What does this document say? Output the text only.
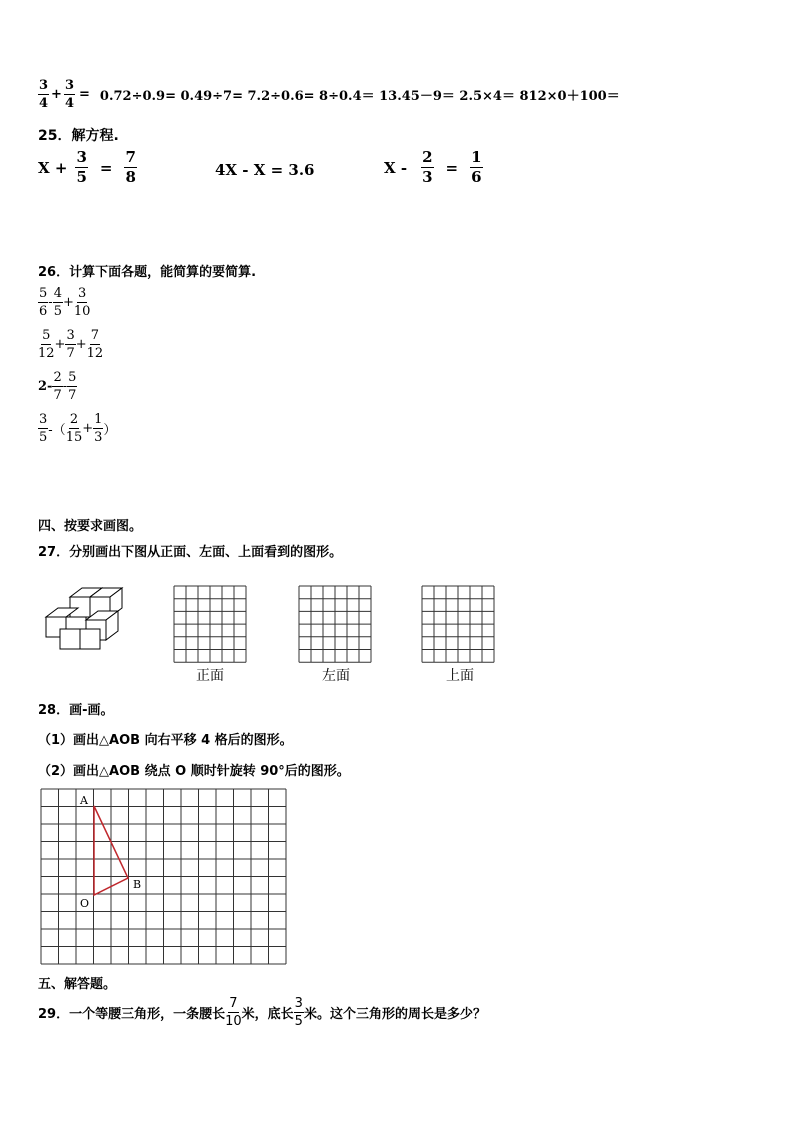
$\frac{3}{4} + \frac{3}{4} = 0.72\div 0.9= 0.49\div 7= 7.2\div 0.6= 8\div 0.4= 13.45-9= 2.5\times 4= 812\times 0+100=$
25．解方程.
$X + \frac{3}{5} = \frac{7}{8}$	4X - X = 3.6	$X - \frac{2}{3} = \frac{1}{6}$
26．计算下面各题，能简算的要简算.
$\frac{5}{6} - \frac{4}{5} + \frac{3}{10}$
$\frac{5}{12} + \frac{3}{7} + \frac{7}{12}$
$2- \frac{2}{7} - \frac{5}{7}$
$\frac{3}{5}$ -（ $\frac{2}{15} + \frac{1}{3}$ ）
四、按要求画图。
27．分别画出下图从正面、左面、上面看到的图形。
正面	左面	上面
28．画-画。
（1）画出△AOB 向右平移 4 格后的图形。
（2）画出△AOB 绕点 O 顺时针旋转 90°后的图形。
A
B
O
五、解答题。
29．一个等腰三角形，一条腰长 $\frac{7}{10}$ 米，底长 $\frac{3}{5}$ 米。这个三角形的周长是多少？
